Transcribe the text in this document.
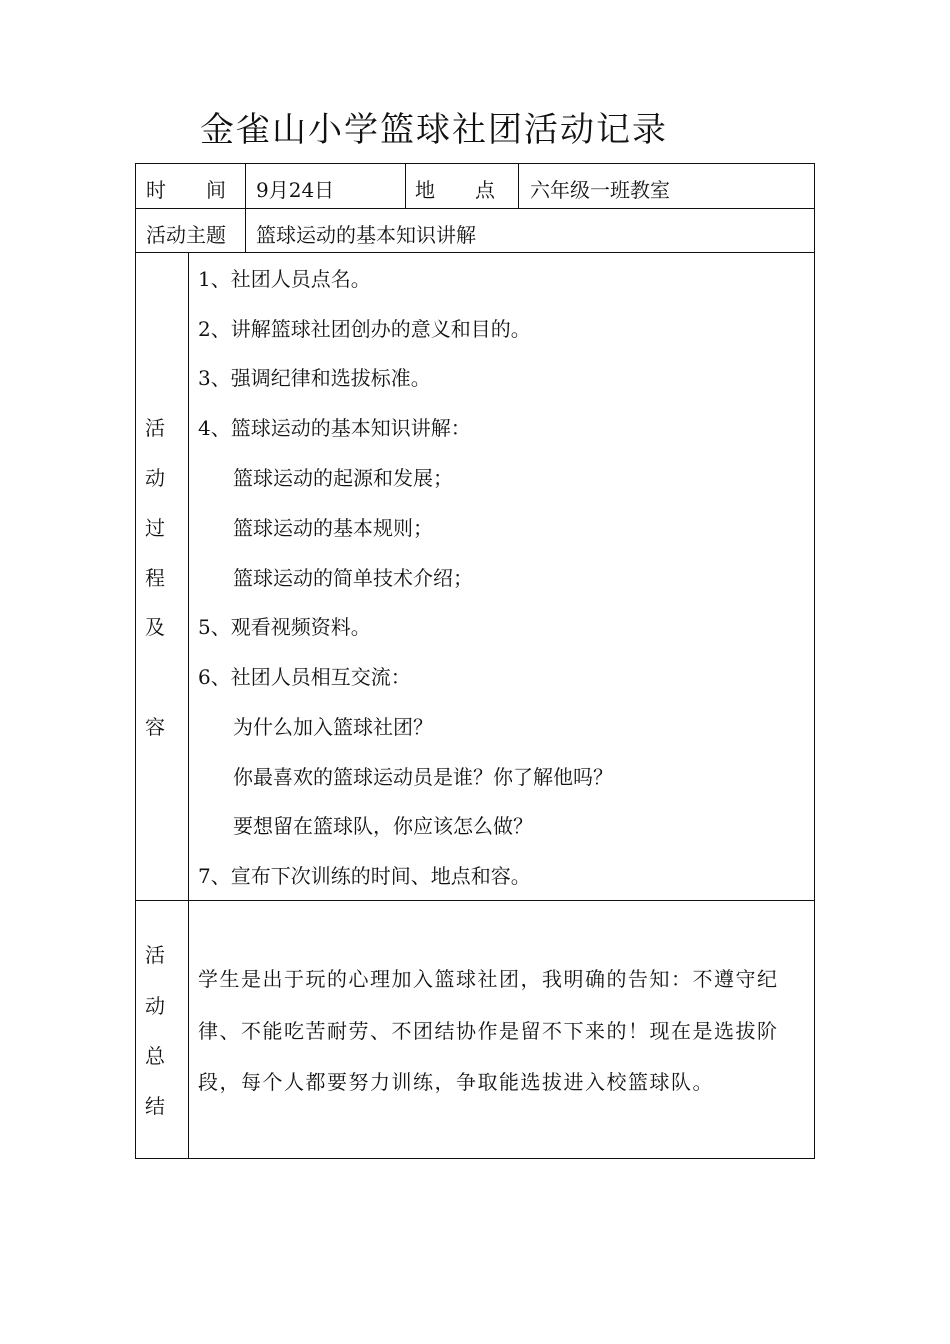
金雀山小学篮球社团活动记录
时　　间 9月24日	地　　点 六年级一班教室
活动主题 篮球运动的基本知识讲解
活
动
过
程
及
容
1、社团人员点名。
2、讲解篮球社团创办的意义和目的。
3、强调纪律和选拔标准。
4、篮球运动的基本知识讲解：
篮球运动的起源和发展；
篮球运动的基本规则；
篮球运动的简单技术介绍；
5、观看视频资料。
6、社团人员相互交流：
为什么加入篮球社团？
你最喜欢的篮球运动员是谁？你了解他吗？
要想留在篮球队，你应该怎么做？
7、宣布下次训练的时间、地点和容。
活
动
总
结
学生是出于玩的心理加入篮球社团，我明确的告知：不遵守纪
律、不能吃苦耐劳、不团结协作是留不下来的！现在是选拔阶
段，每个人都要努力训练，争取能选拔进入校篮球队。
